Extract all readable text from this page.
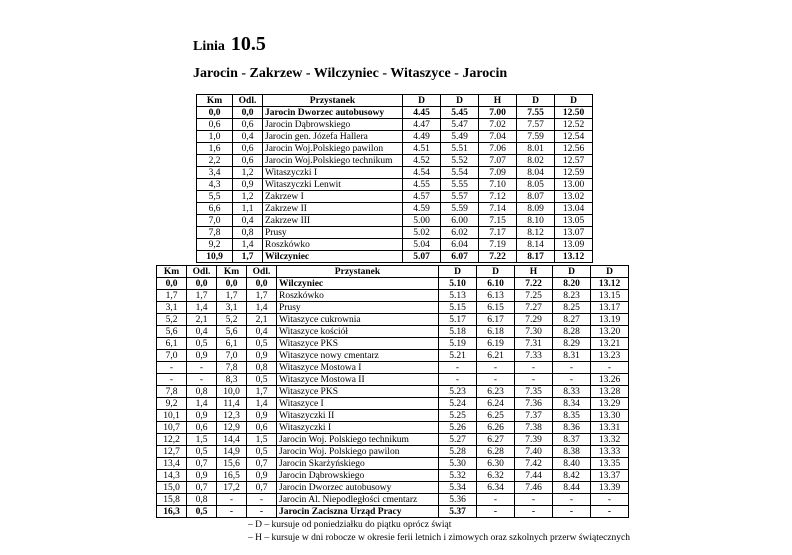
Linia 10.5
Jarocin - Zakrzew - Wilczyniec - Witaszyce - Jarocin
Km	Odl.	Przystanek	D	D	H	D	D
0,0	0,0	Jarocin Dworzec autobusowy	4.45	5.45	7.00	7.55	12.50
0,6	0,6	Jarocin Dąbrowskiego	4.47	5.47	7.02	7.57	12.52
1,0	0,4	Jarocin gen. Józefa Hallera	4.49	5.49	7.04	7.59	12.54
1,6	0,6	Jarocin Woj.Polskiego pawilon	4.51	5.51	7.06	8.01	12.56
2,2	0,6	Jarocin Woj.Polskiego technikum	4.52	5.52	7.07	8.02	12.57
3,4	1,2	Witaszyczki I	4.54	5.54	7.09	8.04	12.59
4,3	0,9	Witaszyczki Lenwit	4.55	5.55	7.10	8.05	13.00
5,5	1,2	Zakrzew I	4.57	5.57	7.12	8.07	13.02
6,6	1,1	Zakrzew II	4.59	5.59	7.14	8.09	13.04
7,0	0,4	Zakrzew III	5.00	6.00	7.15	8.10	13.05
7,8	0,8	Prusy	5.02	6.02	7.17	8.12	13.07
9,2	1,4	Roszkówko	5.04	6.04	7.19	8.14	13.09
10,9	1,7	Wilczyniec	5.07	6.07	7.22	8.17	13.12
Km	Odl.	Km	Odl.	Przystanek	D	D	H	D	D
0,0	0,0	0,0	0,0	Wilczyniec	5.10	6.10	7.22	8.20	13.12
1,7	1,7	1,7	1,7	Roszkówko	5.13	6.13	7.25	8.23	13.15
3,1	1,4	3,1	1,4	Prusy	5.15	6.15	7.27	8.25	13.17
5,2	2,1	5,2	2,1	Witaszyce cukrownia	5.17	6.17	7.29	8.27	13.19
5,6	0,4	5,6	0,4	Witaszyce kościół	5.18	6.18	7.30	8.28	13.20
6,1	0,5	6,1	0,5	Witaszyce PKS	5.19	6.19	7.31	8.29	13.21
7,0	0,9	7,0	0,9	Witaszyce nowy cmentarz	5.21	6.21	7.33	8.31	13.23
-	-	7,8	0,8	Witaszyce Mostowa I	-	-	-	-	-
-	-	8,3	0,5	Witaszyce Mostowa II	-	-	-	-	13.26
7,8	0,8	10,0	1,7	Witaszyce PKS	5.23	6.23	7.35	8.33	13.28
9,2	1,4	11,4	1,4	Witaszyce I	5.24	6.24	7.36	8.34	13.29
10,1	0,9	12,3	0,9	Witaszyczki II	5.25	6.25	7.37	8.35	13.30
10,7	0,6	12,9	0,6	Witaszyczki I	5.26	6.26	7.38	8.36	13.31
12,2	1,5	14,4	1,5	Jarocin Woj. Polskiego technikum	5.27	6.27	7.39	8.37	13.32
12,7	0,5	14,9	0,5	Jarocin Woj. Polskiego pawilon	5.28	6.28	7.40	8.38	13.33
13,4	0,7	15,6	0,7	Jarocin Skarżyńskiego	5.30	6.30	7.42	8.40	13.35
14,3	0,9	16,5	0,9	Jarocin Dąbrowskiego	5.32	6.32	7.44	8.42	13.37
15,0	0,7	17,2	0,7	Jarocin Dworzec autobusowy	5.34	6.34	7.46	8.44	13.39
15,8	0,8	-	-	Jarocin Al. Niepodległości cmentarz	5.36	-	-	-	-
16,3	0,5	-	-	Jarocin Zaciszna Urząd Pracy	5.37	-	-	-	-
– D – kursuje od poniedziałku do piątku oprócz świąt
– H – kursuje w dni robocze w okresie ferii letnich i zimowych oraz szkolnych przerw świątecznych
